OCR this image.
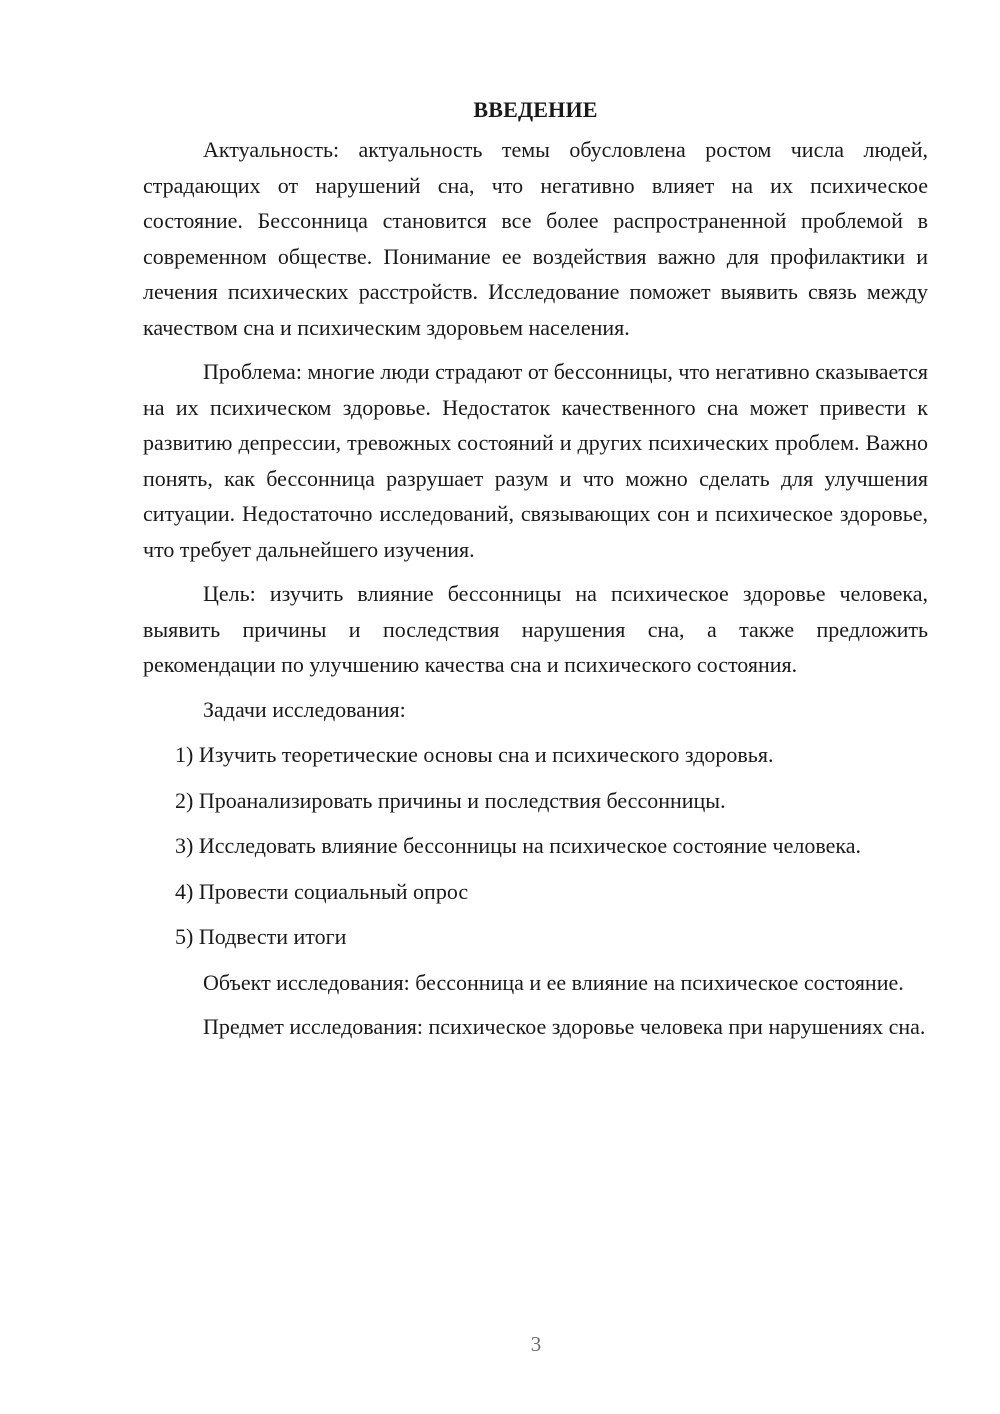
ВВЕДЕНИЕ

Актуальность: актуальность темы обусловлена ростом числа людей, страдающих от нарушений сна, что негативно влияет на их психическое состояние. Бессонница становится все более распространенной проблемой в современном обществе. Понимание ее воздействия важно для профилактики и лечения психических расстройств. Исследование поможет выявить связь между качеством сна и психическим здоровьем населения.

Проблема: многие люди страдают от бессонницы, что негативно сказывается на их психическом здоровье. Недостаток качественного сна может привести к развитию депрессии, тревожных состояний и других психических проблем. Важно понять, как бессонница разрушает разум и что можно сделать для улучшения ситуации. Недостаточно исследований, связывающих сон и психическое здоровье, что требует дальнейшего изучения.

Цель: изучить влияние бессонницы на психическое здоровье человека, выявить причины и последствия нарушения сна, а также предложить рекомендации по улучшению качества сна и психического состояния.

Задачи исследования:

1) Изучить теоретические основы сна и психического здоровья.

2) Проанализировать причины и последствия бессонницы.

3) Исследовать влияние бессонницы на психическое состояние человека.

4) Провести социальный опрос

5) Подвести итоги

Объект исследования: бессонница и ее влияние на психическое состояние.

Предмет исследования: психическое здоровье человека при нарушениях сна.

3
